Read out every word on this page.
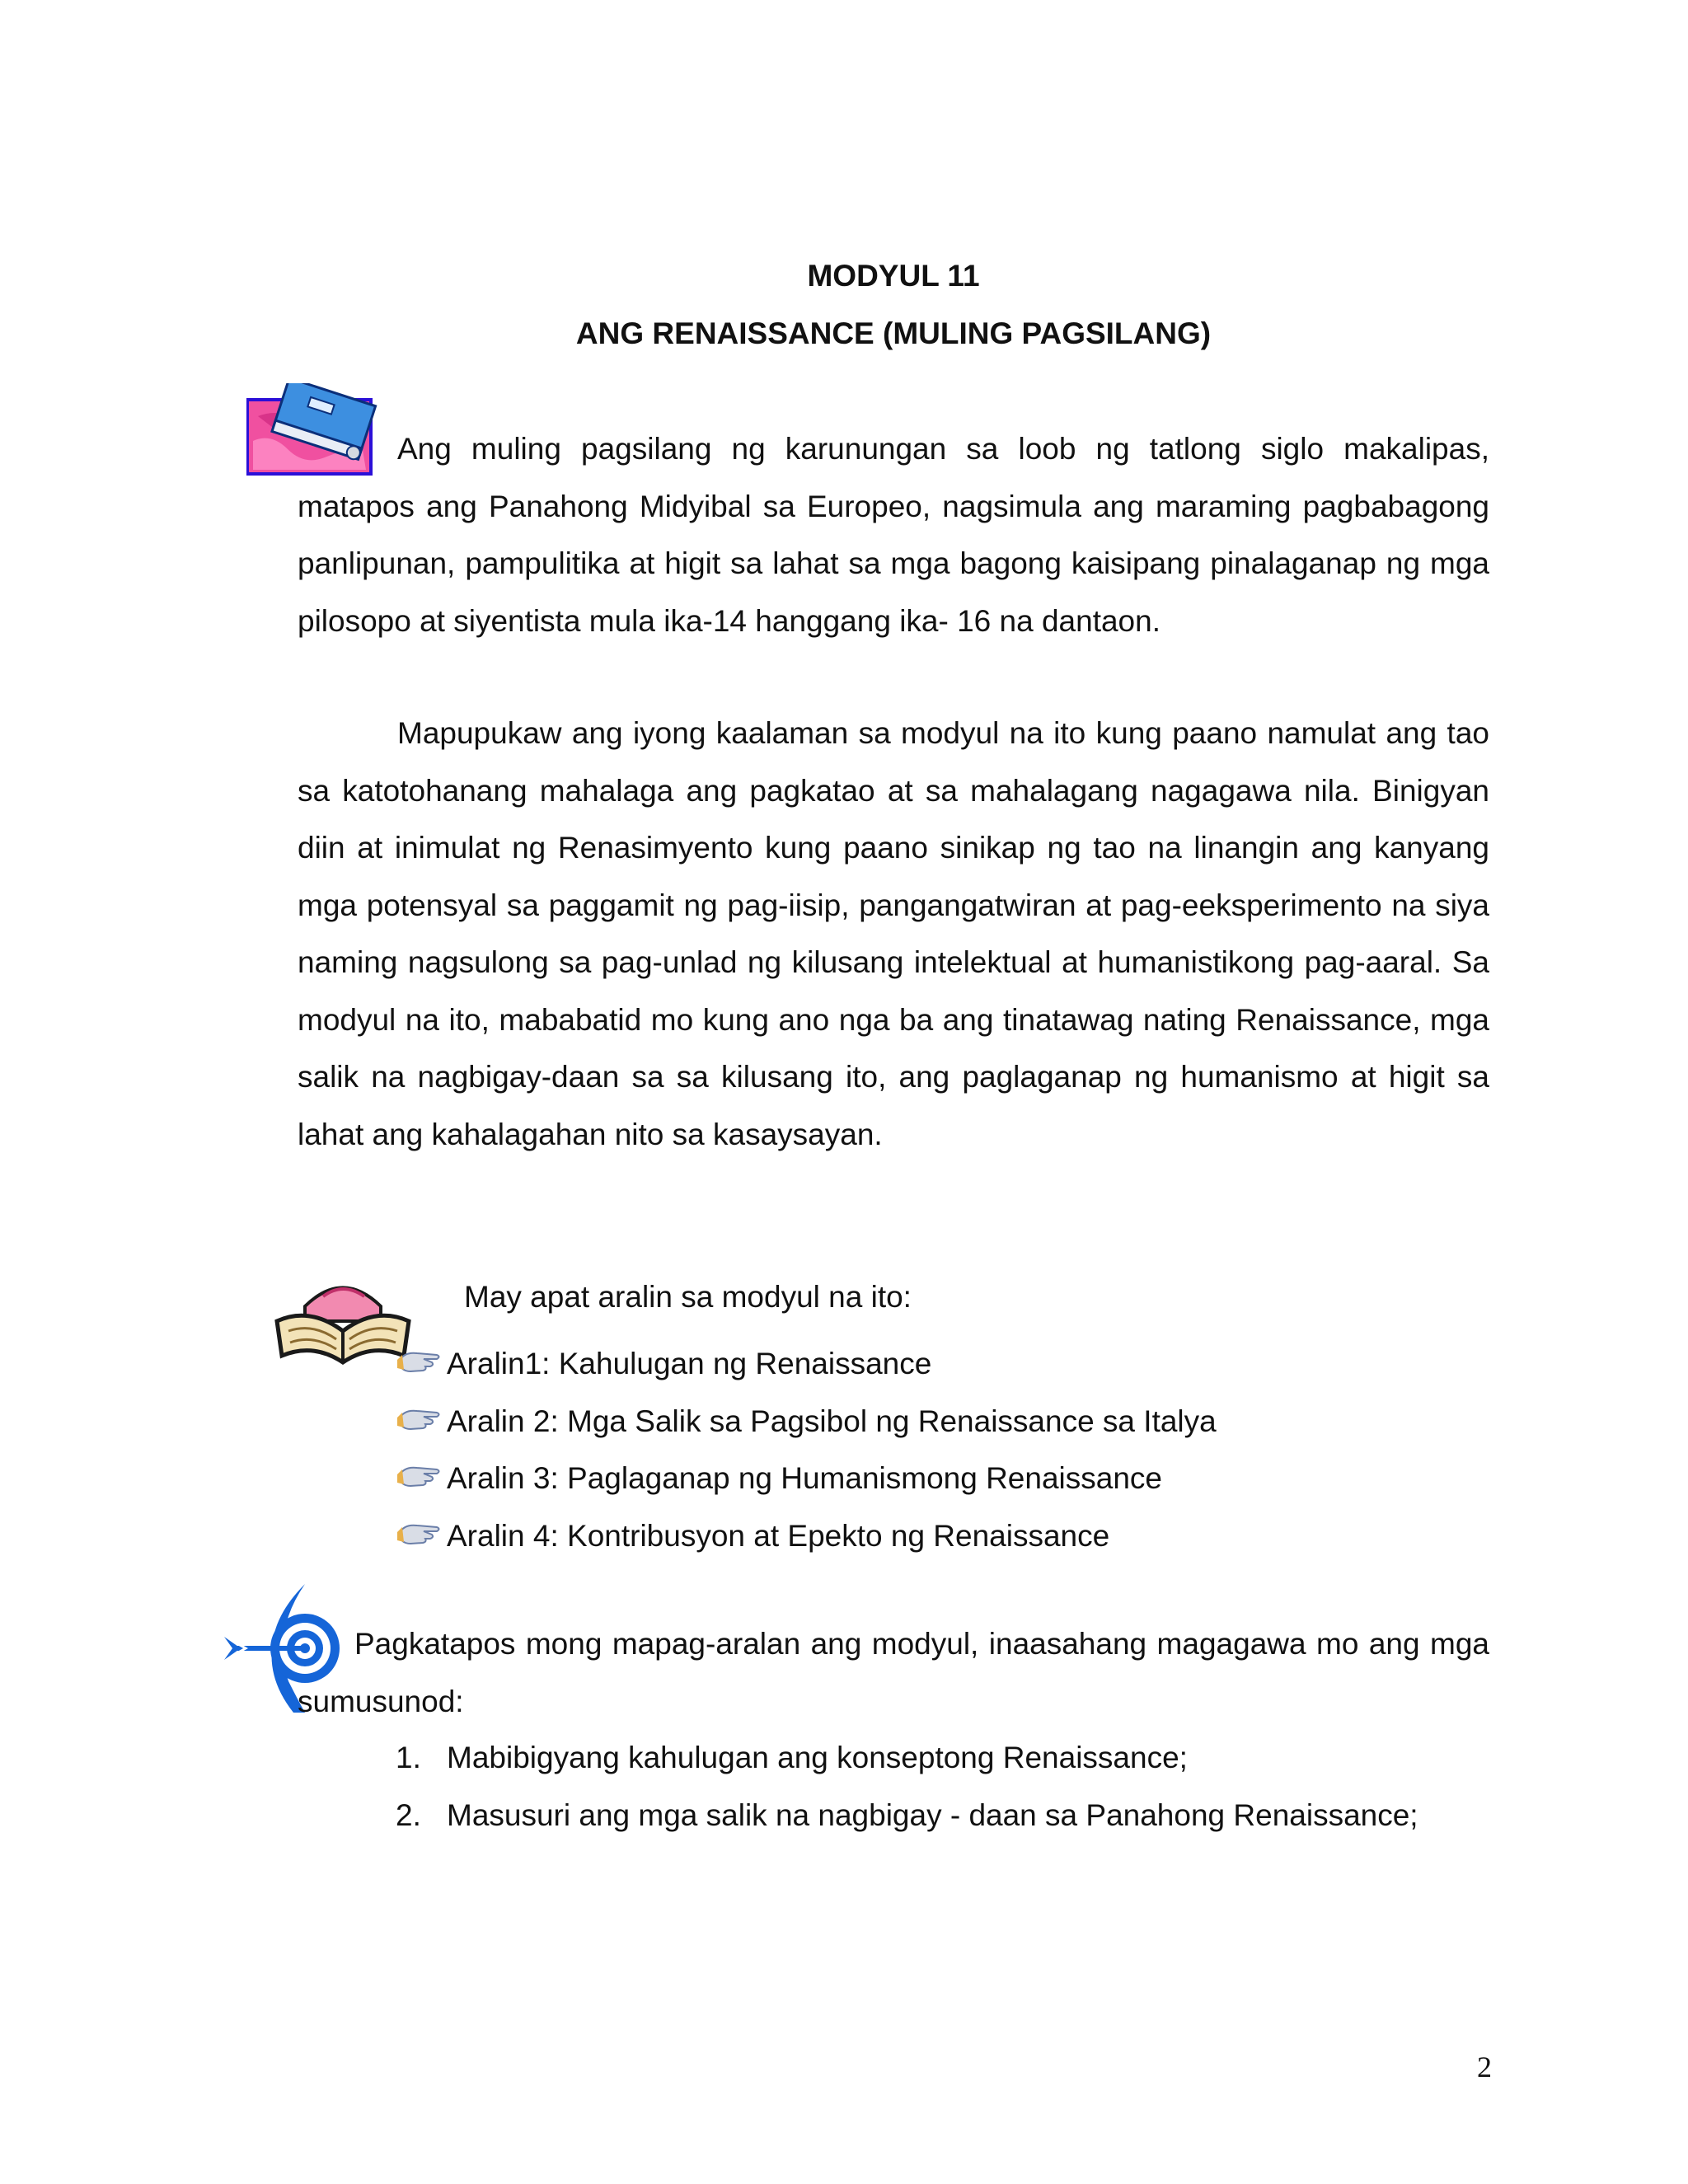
MODYUL 11
ANG RENAISSANCE (MULING PAGSILANG)

Ang muling pagsilang ng karunungan sa loob ng tatlong siglo makalipas, matapos ang Panahong Midyibal sa Europeo, nagsimula ang maraming pagbabagong panlipunan, pampulitika at higit sa lahat sa mga bagong kaisipang pinalaganap ng mga pilosopo at siyentista mula ika-14 hanggang ika- 16 na dantaon.

Mapupukaw ang iyong kaalaman sa modyul na ito kung paano namulat ang tao sa katotohanang mahalaga ang pagkatao at sa mahalagang nagagawa nila. Binigyan diin at inimulat ng Renasimyento kung paano sinikap ng tao na linangin ang kanyang mga potensyal sa paggamit ng pag-iisip, pangangatwiran at pag-eeksperimento na siya naming nagsulong sa pag-unlad ng kilusang intelektual at humanistikong pag-aaral. Sa modyul na ito, mababatid mo kung ano nga ba ang tinatawag nating Renaissance, mga salik na nagbigay-daan sa sa kilusang ito, ang paglaganap ng humanismo at higit sa lahat ang kahalagahan nito sa kasaysayan.

May apat aralin sa modyul na ito:

Aralin1: Kahulugan ng Renaissance
Aralin 2: Mga Salik sa Pagsibol ng Renaissance sa Italya
Aralin 3: Paglaganap ng Humanismong Renaissance
Aralin 4: Kontribusyon at Epekto ng Renaissance

Pagkatapos mong mapag-aralan ang modyul, inaasahang magagawa mo ang mga sumusunod:

1. Mabibigyang kahulugan ang konseptong Renaissance;
2. Masusuri ang mga salik na nagbigay - daan sa Panahong Renaissance;
2
